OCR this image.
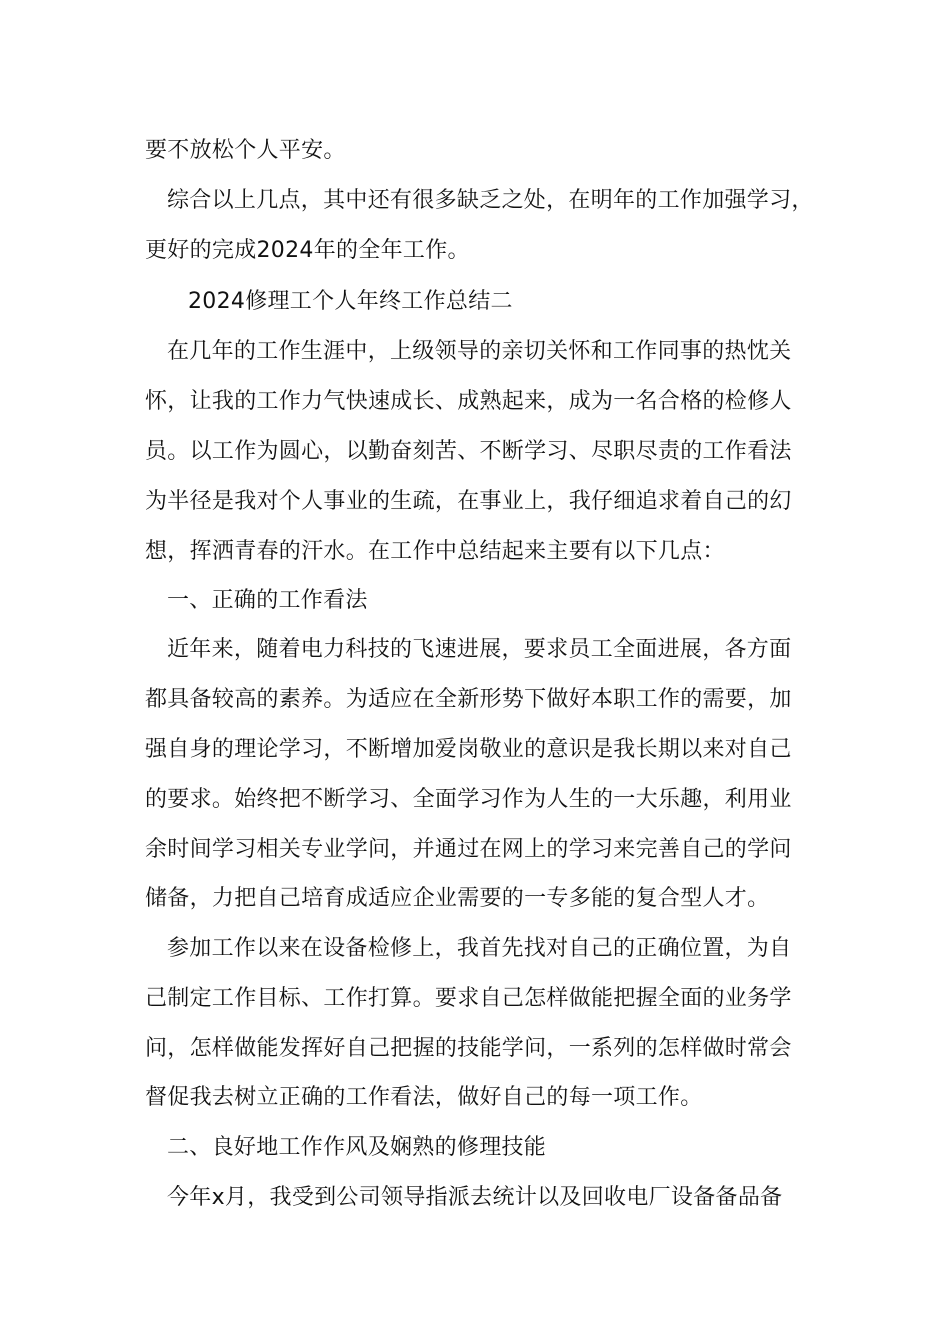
要不放松个人平安。
综合以上几点，其中还有很多缺乏之处，在明年的工作加强学习，
更好的完成2024年的全年工作。
2024修理工个人年终工作总结二
在几年的工作生涯中，上级领导的亲切关怀和工作同事的热忱关
怀，让我的工作力气快速成长、成熟起来，成为一名合格的检修人
员。以工作为圆心，以勤奋刻苦、不断学习、尽职尽责的工作看法
为半径是我对个人事业的生疏，在事业上，我仔细追求着自己的幻
想，挥洒青春的汗水。在工作中总结起来主要有以下几点：
一、正确的工作看法
近年来，随着电力科技的飞速进展，要求员工全面进展，各方面
都具备较高的素养。为适应在全新形势下做好本职工作的需要，加
强自身的理论学习，不断增加爱岗敬业的意识是我长期以来对自己
的要求。始终把不断学习、全面学习作为人生的一大乐趣，利用业
余时间学习相关专业学问，并通过在网上的学习来完善自己的学问
储备，力把自己培育成适应企业需要的一专多能的复合型人才。
参加工作以来在设备检修上，我首先找对自己的正确位置，为自
己制定工作目标、工作打算。要求自己怎样做能把握全面的业务学
问，怎样做能发挥好自己把握的技能学问，一系列的怎样做时常会
督促我去树立正确的工作看法，做好自己的每一项工作。
二、良好地工作作风及娴熟的修理技能
今年x月，我受到公司领导指派去统计以及回收电厂设备备品备
